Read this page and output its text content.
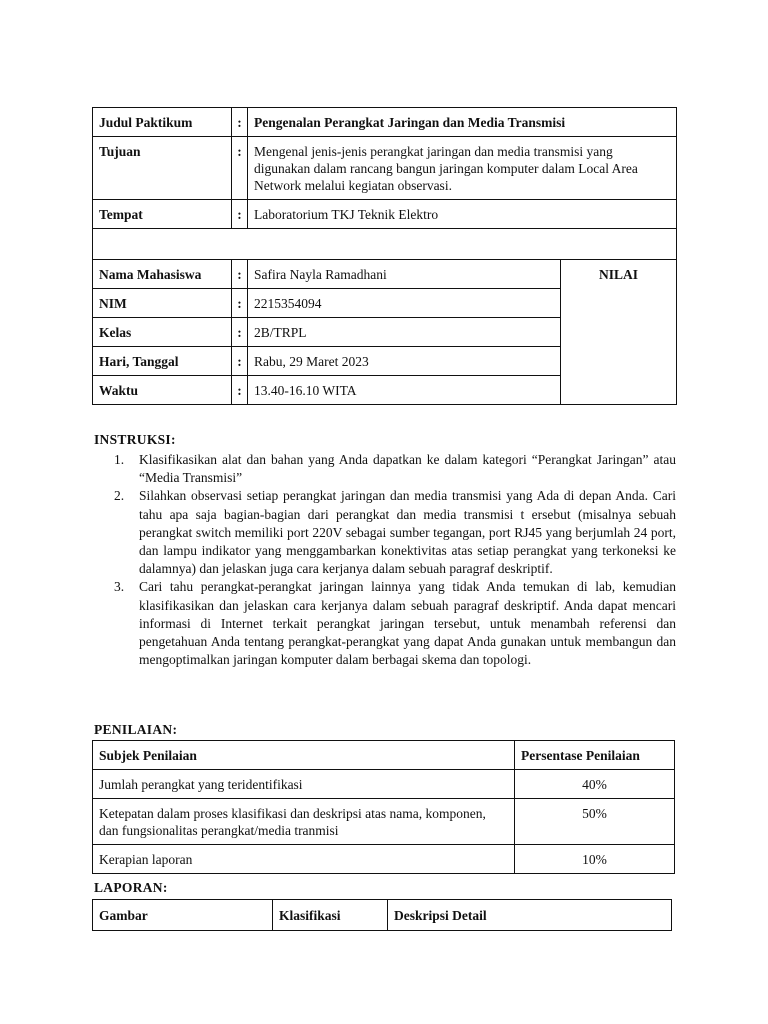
Judul Paktikum	:	Pengenalan Perangkat Jaringan dan Media Transmisi	
Tujuan	:	Mengenal jenis-jenis perangkat jaringan dan media transmisi yang digunakan dalam rancang bangun jaringan komputer dalam Local Area Network melalui kegiatan observasi.	
Tempat	:	Laboratorium TKJ Teknik Elektro	

Nama Mahasiswa	:	Safira Nayla Ramadhani	NILAI
NIM	:	2215354094	
Kelas	:	2B/TRPL	
Hari, Tanggal	:	Rabu, 29 Maret 2023	
Waktu	:	13.40-16.10 WITA	
INSTRUKSI:
1. Klasifikasikan alat dan bahan yang Anda dapatkan ke dalam kategori “Perangkat Jaringan” atau “Media Transmisi”
2. Silahkan observasi setiap perangkat jaringan dan media transmisi yang Ada di depan Anda. Cari tahu apa saja bagian-bagian dari perangkat dan media transmisi t ersebut (misalnya sebuah perangkat switch memiliki port 220V sebagai sumber tegangan, port RJ45 yang berjumlah 24 port, dan lampu indikator yang menggambarkan konektivitas atas setiap perangkat yang terkoneksi ke dalamnya) dan jelaskan juga cara kerjanya dalam sebuah paragraf deskriptif.
3. Cari tahu perangkat-perangkat jaringan lainnya yang tidak Anda temukan di lab, kemudian klasifikasikan dan jelaskan cara kerjanya dalam sebuah paragraf deskriptif. Anda dapat mencari informasi di Internet terkait perangkat jaringan tersebut, untuk menambah referensi dan pengetahuan Anda tentang perangkat-perangkat yang dapat Anda gunakan untuk membangun dan mengoptimalkan jaringan komputer dalam berbagai skema dan topologi.
PENILAIAN:
Subjek Penilaian	Persentase Penilaian
Jumlah perangkat yang teridentifikasi	40%
Ketepatan dalam proses klasifikasi dan deskripsi atas nama, komponen, dan fungsionalitas perangkat/media tranmisi	50%
Kerapian laporan	10%
LAPORAN:
Gambar	Klasifikasi	Deskripsi Detail
